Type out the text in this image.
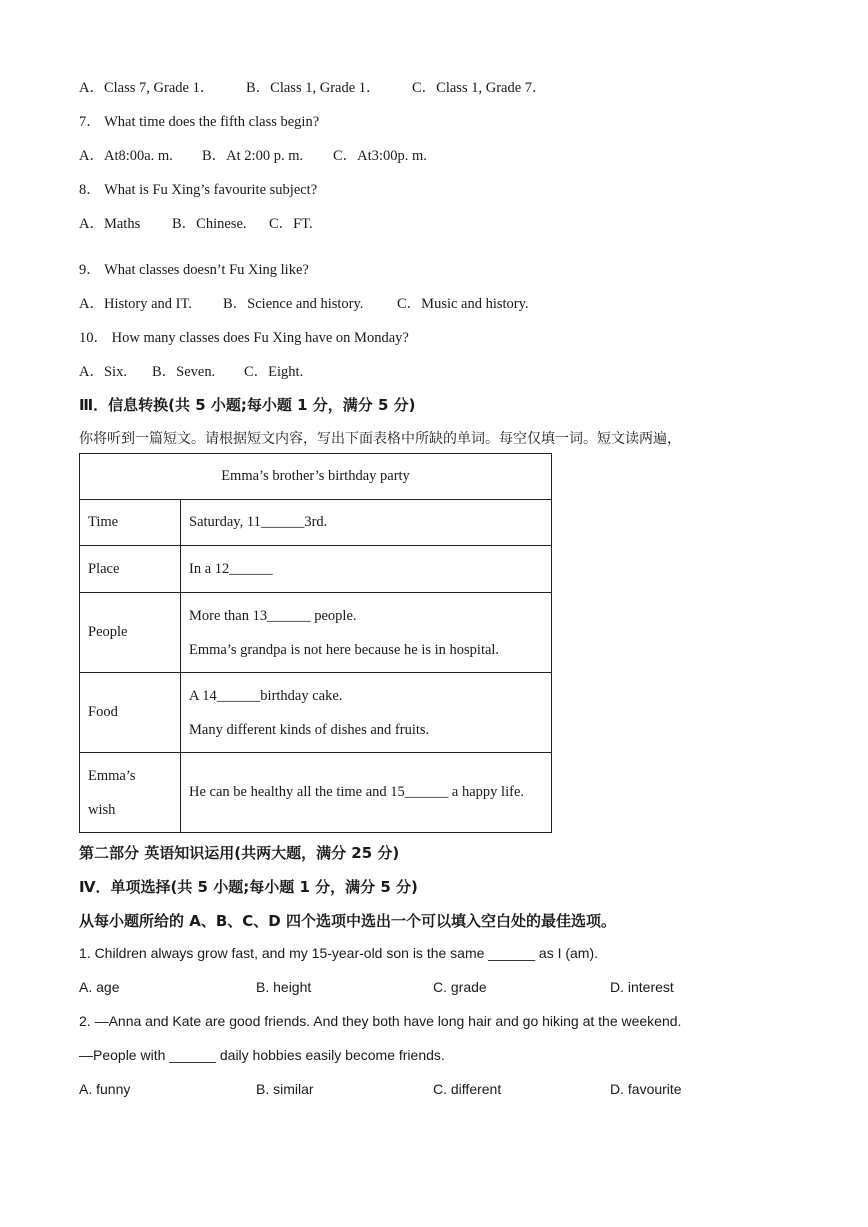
A．Class 7, Grade 1． B．Class 1, Grade 1． C．Class 1, Grade 7．
7． What time does the fifth class begin?
A．At8:00a. m. B．At 2:00 p. m. C．At3:00p. m.
8． What is Fu Xing’s favourite subject?
A．Maths B．Chinese. C．FT.
9． What classes doesn’t Fu Xing like?
A．History and IT. B．Science and history. C．Music and history.
10． How many classes does Fu Xing have on Monday?
A．Six. B．Seven. C．Eight.
Ⅲ．信息转换(共 5 小题;每小题 1 分，满分 5 分)
你将听到一篇短文。请根据短文内容，写出下面表格中所缺的单词。每空仅填一词。短文读两遍，
Emma’s brother’s birthday party	
Time	Saturday, 11______3rd.
Place	In a 12______
People	More than 13______ people.
Emma’s grandpa is not here because he is in hospital.

Food	A 14______birthday cake.
Many different kinds of dishes and fruits.

Emma’s
wish	He can be healthy all the time and 15______ a happy life.
第二部分 英语知识运用(共两大题，满分 25 分)
Ⅳ．单项选择(共 5 小题;每小题 1 分，满分 5 分)
从每小题所给的 A、B、C、D 四个选项中选出一个可以填入空白处的最佳选项。
1. Children always grow fast, and my 15-year-old son is the same ______ as I (am).
A. age	B. height	C. grade	D. interest
2. —Anna and Kate are good friends. And they both have long hair and go hiking at the weekend.
—People with ______ daily hobbies easily become friends.
A. funny	B. similar	C. different	D. favourite
